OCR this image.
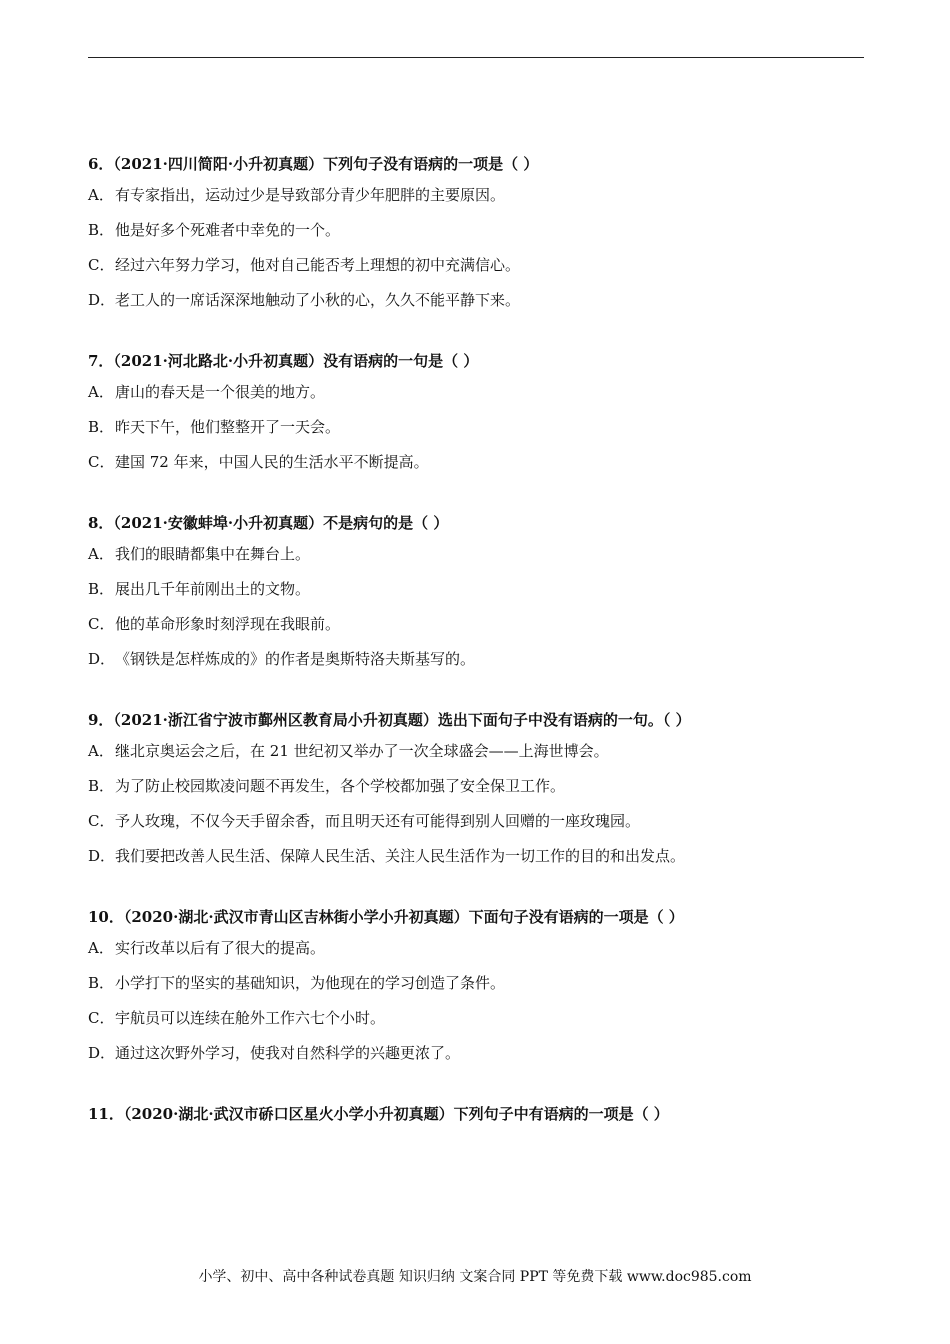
6．（2021·四川简阳·小升初真题）下列句子没有语病的一项是（ ）
A．有专家指出，运动过少是导致部分青少年肥胖的主要原因。
B．他是好多个死难者中幸免的一个。
C．经过六年努力学习，他对自己能否考上理想的初中充满信心。
D．老工人的一席话深深地触动了小秋的心，久久不能平静下来。
7．（2021·河北路北·小升初真题）没有语病的一句是（ ）
A．唐山的春天是一个很美的地方。
B．昨天下午，他们整整开了一天会。
C．建国 72 年来，中国人民的生活水平不断提高。
8．（2021·安徽蚌埠·小升初真题）不是病句的是（ ）
A．我们的眼睛都集中在舞台上。
B．展出几千年前刚出土的文物。
C．他的革命形象时刻浮现在我眼前。
D．《钢铁是怎样炼成的》的作者是奥斯特洛夫斯基写的。
9．（2021·浙江省宁波市鄞州区教育局小升初真题）选出下面句子中没有语病的一句。（ ）
A．继北京奥运会之后，在 21 世纪初又举办了一次全球盛会——上海世博会。
B．为了防止校园欺凌问题不再发生，各个学校都加强了安全保卫工作。
C．予人玫瑰，不仅今天手留余香，而且明天还有可能得到别人回赠的一座玫瑰园。
D．我们要把改善人民生活、保障人民生活、关注人民生活作为一切工作的目的和出发点。
10．（2020·湖北·武汉市青山区吉林街小学小升初真题）下面句子没有语病的一项是（ ）
A．实行改革以后有了很大的提高。
B．小学打下的坚实的基础知识，为他现在的学习创造了条件。
C．宇航员可以连续在舱外工作六七个小时。
D．通过这次野外学习，使我对自然科学的兴趣更浓了。
11．（2020·湖北·武汉市硚口区星火小学小升初真题）下列句子中有语病的一项是（ ）
小学、初中、高中各种试卷真题 知识归纳 文案合同 PPT 等免费下载 www.doc985.com
